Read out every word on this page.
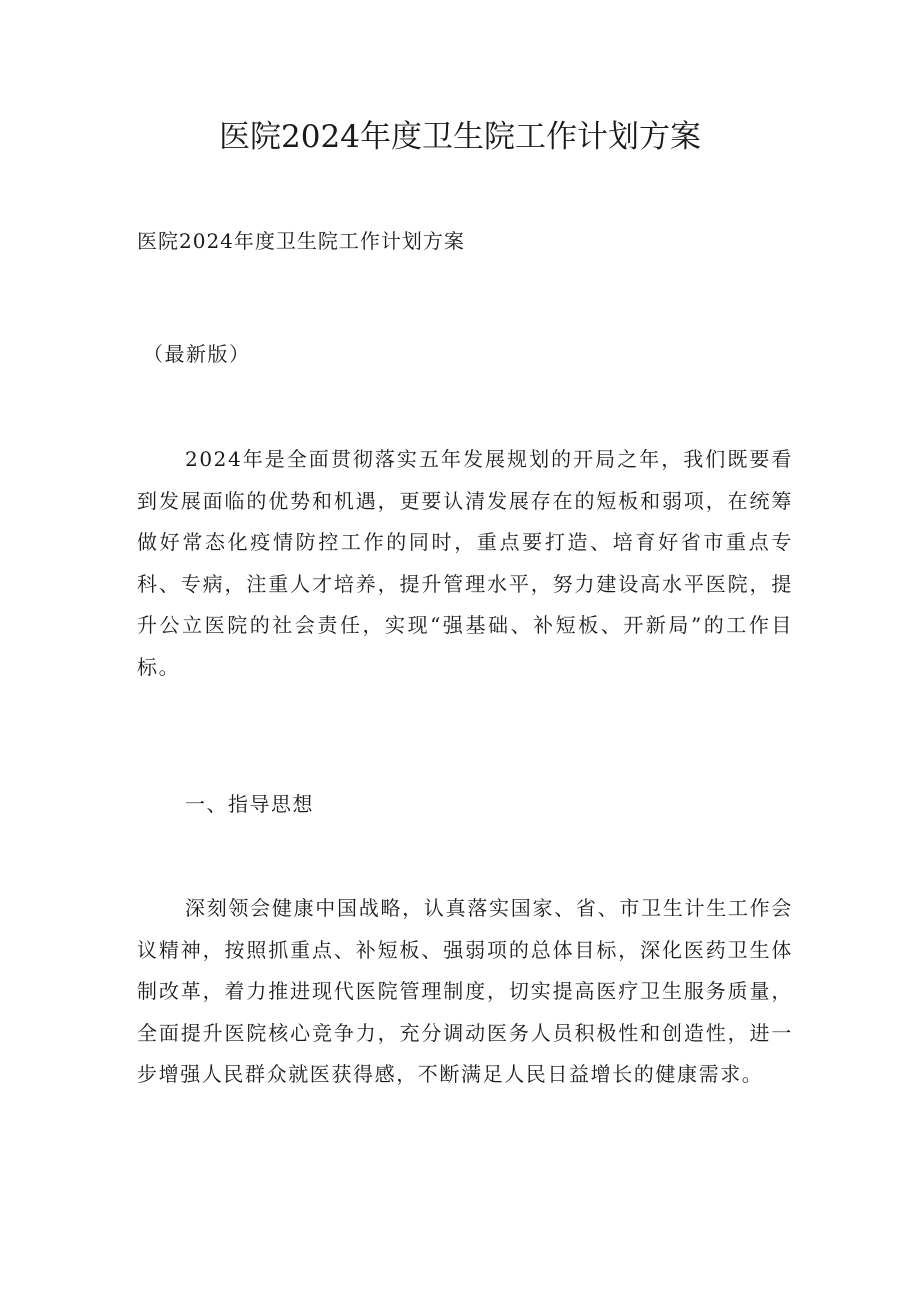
医院2024年度卫生院工作计划方案

医院2024年度卫生院工作计划方案

（最新版）

2024年是全面贯彻落实五年发展规划的开局之年，我们既要看到发展面临的优势和机遇，更要认清发展存在的短板和弱项，在统筹做好常态化疫情防控工作的同时，重点要打造、培育好省市重点专科、专病，注重人才培养，提升管理水平，努力建设高水平医院，提升公立医院的社会责任，实现“强基础、补短板、开新局”的工作目标。

一、指导思想

深刻领会健康中国战略，认真落实国家、省、市卫生计生工作会议精神，按照抓重点、补短板、强弱项的总体目标，深化医药卫生体制改革，着力推进现代医院管理制度，切实提高医疗卫生服务质量，全面提升医院核心竞争力，充分调动医务人员积极性和创造性，进一步增强人民群众就医获得感，不断满足人民日益增长的健康需求。
